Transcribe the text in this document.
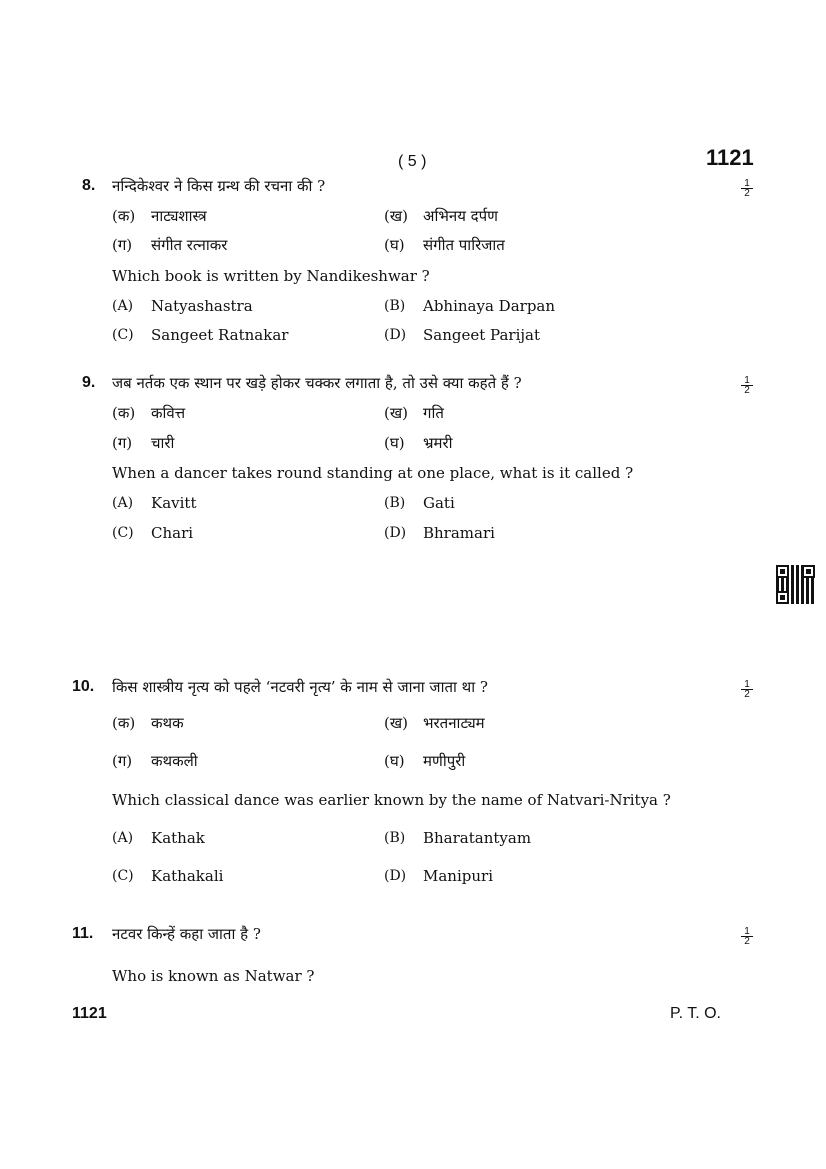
( 5 )	1121
8. नन्दिकेश्वर ने किस ग्रन्थ की रचना की ?	$\frac{1}{2}$
(क) नाट्यशास्त्र	(ख) अभिनय दर्पण
(ग) संगीत रत्नाकर	(घ) संगीत पारिजात
Which book is written by Nandikeshwar ?
(A) Natyashastra	(B) Abhinaya Darpan
(C) Sangeet Ratnakar	(D) Sangeet Parijat
9. जब नर्तक एक स्थान पर खड़े होकर चक्कर लगाता है, तो उसे क्या कहते हैं ?	$\frac{1}{2}$
(क) कवित्त	(ख) गति
(ग) चारी	(घ) भ्रमरी
When a dancer takes round standing at one place, what is it called ?
(A) Kavitt	(B) Gati
(C) Chari	(D) Bhramari
10. किस शास्त्रीय नृत्य को पहले ‘नटवरी नृत्य’ के नाम से जाना जाता था ?	$\frac{1}{2}$
(क) कथक	(ख) भरतनाट्यम
(ग) कथकली	(घ) मणीपुरी
Which classical dance was earlier known by the name of Natvari-Nritya ?
(A) Kathak	(B) Bharatantyam
(C) Kathakali	(D) Manipuri
11. नटवर किन्हें कहा जाता है ?	$\frac{1}{2}$
Who is known as Natwar ?
1121	P. T. O.
